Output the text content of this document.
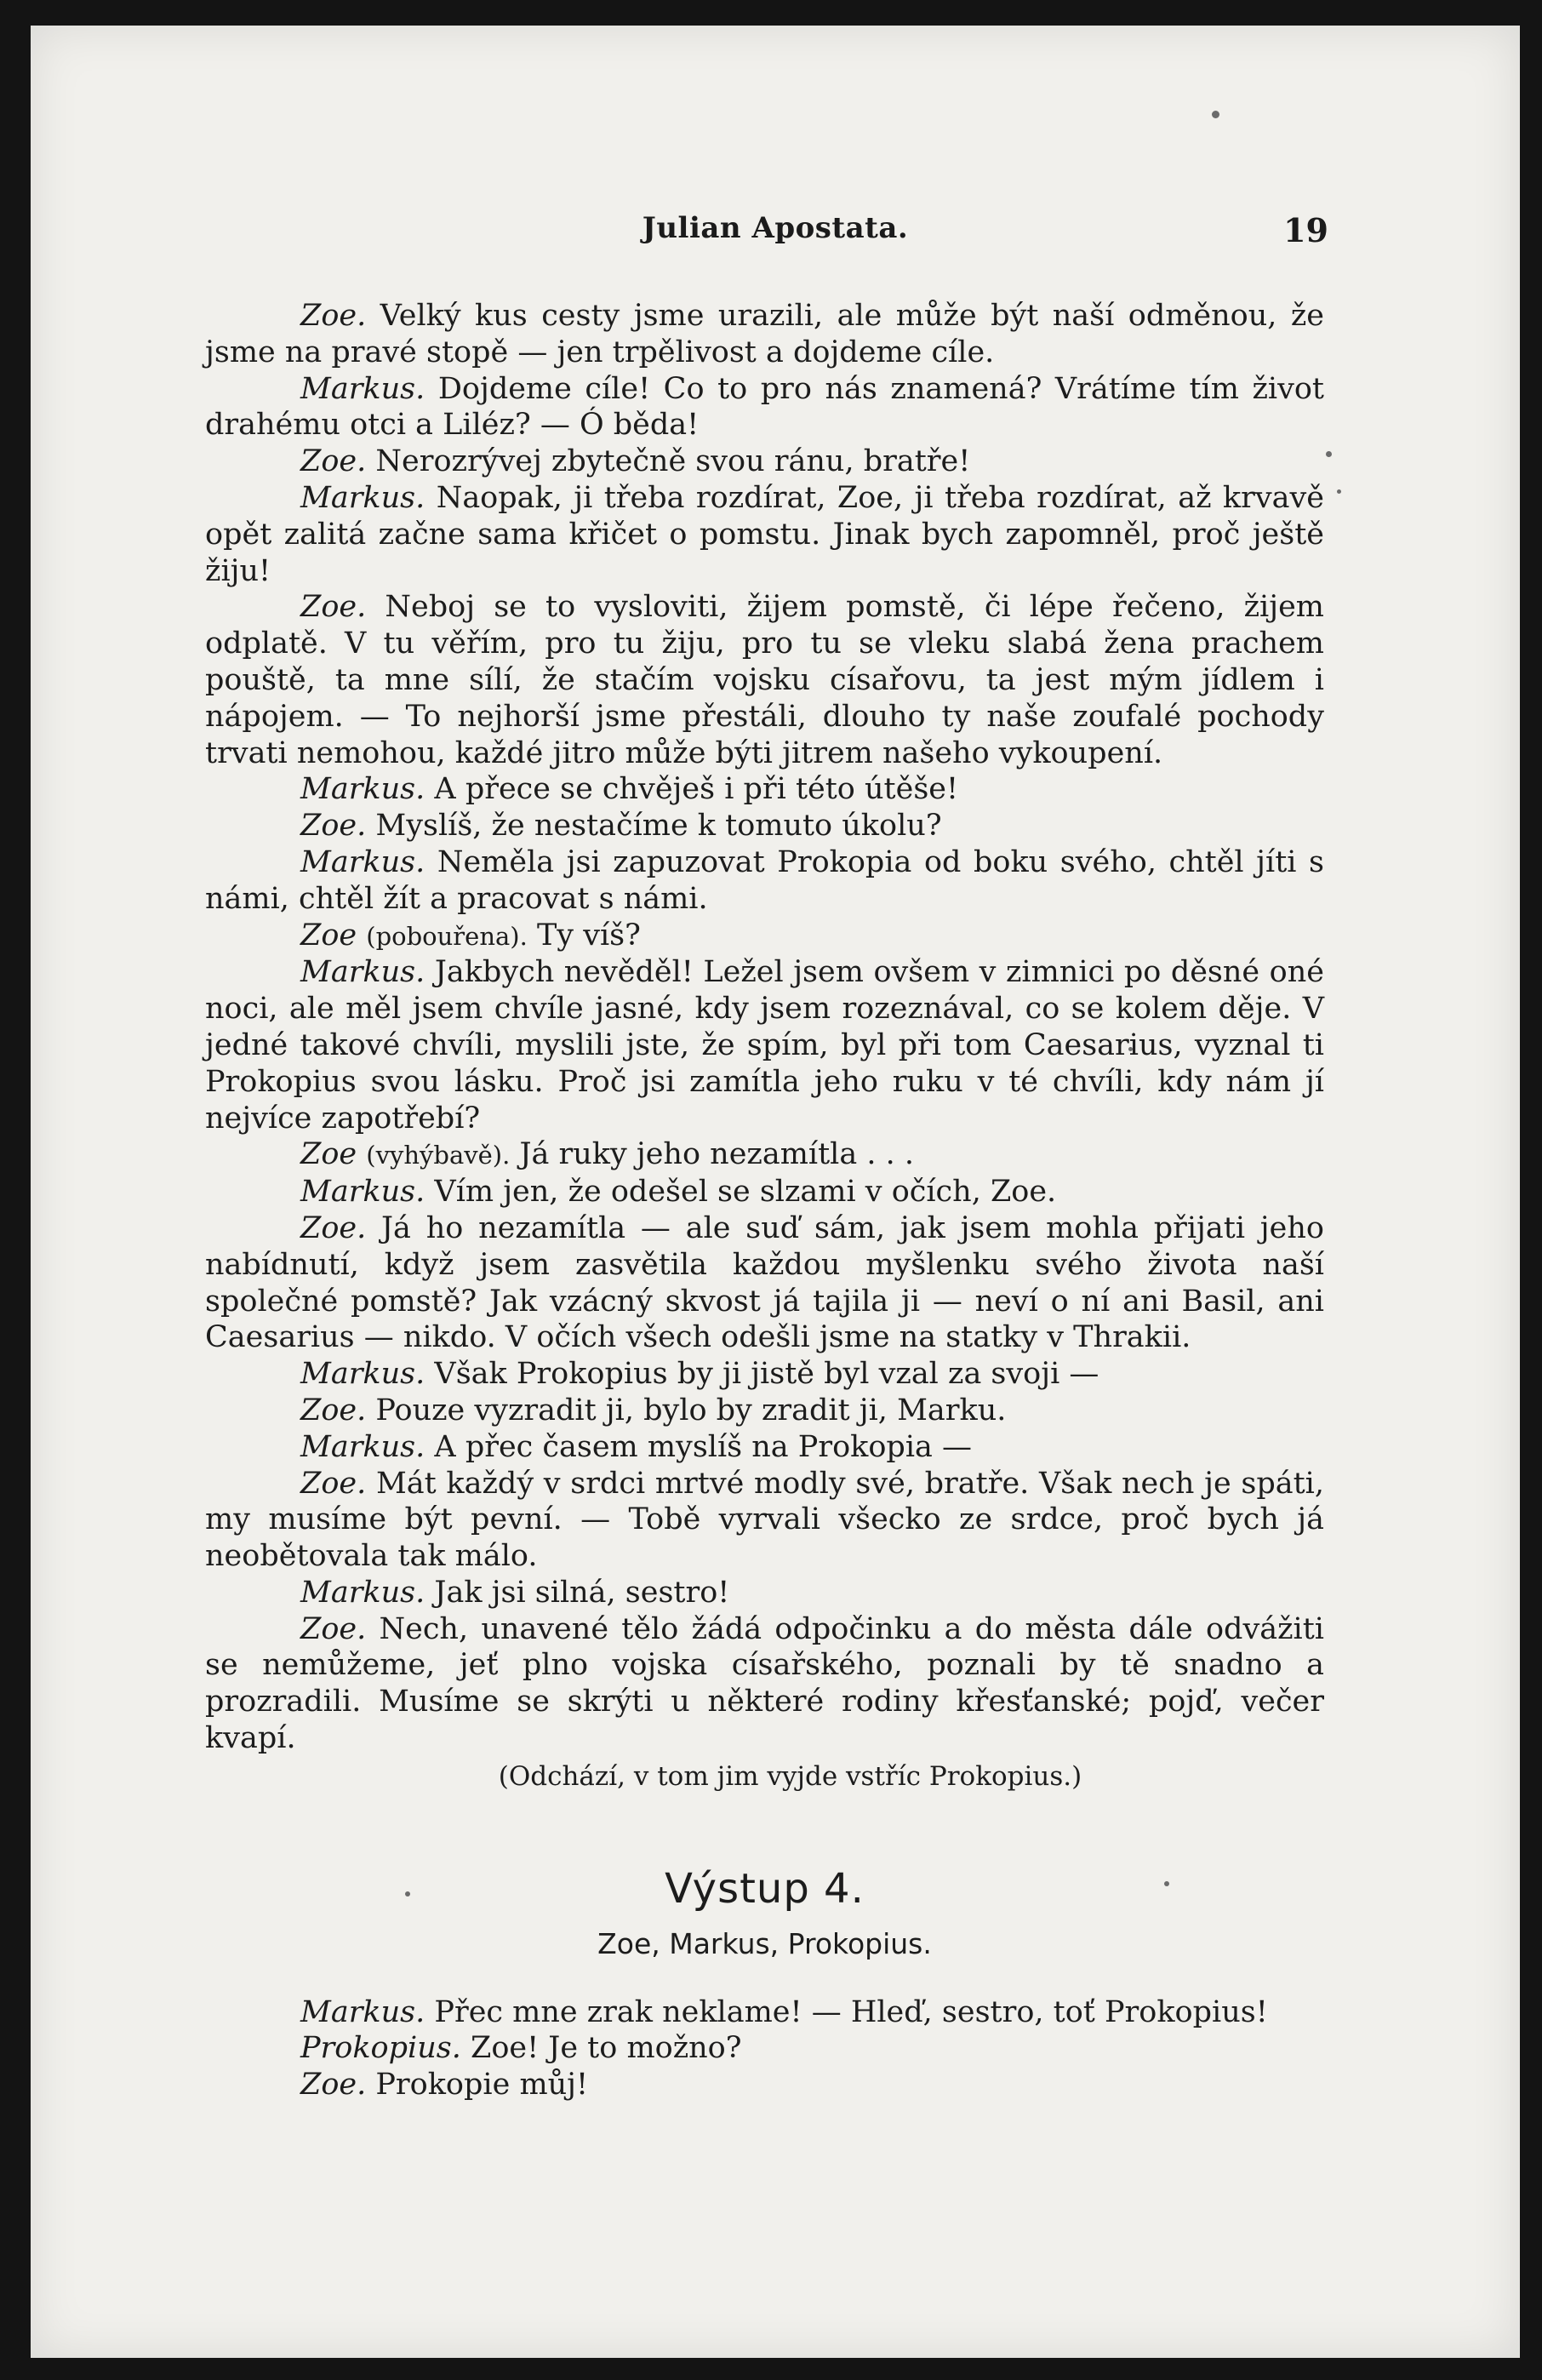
Julian Apostata.	19

Zoe. Velký kus cesty jsme urazili, ale může být naší odměnou, že jsme na pravé stopě — jen trpělivost a dojdeme cíle.

Markus. Dojdeme cíle! Co to pro nás znamená? Vrátíme tím život drahému otci a Liléz? — Ó běda!

Zoe. Nerozrývej zbytečně svou ránu, bratře!

Markus. Naopak, ji třeba rozdírat, Zoe, ji třeba rozdírat, až krvavě opět zalitá začne sama křičet o pomstu. Jinak bych zapomněl, proč ještě žiju!

Zoe. Neboj se to vysloviti, žijem pomstě, či lépe řečeno, žijem odplatě. V tu věřím, pro tu žiju, pro tu se vleku slabá žena prachem pouště, ta mne sílí, že stačím vojsku císařovu, ta jest mým jídlem i nápojem. — To nejhorší jsme přestáli, dlouho ty naše zoufalé pochody trvati nemohou, každé jitro může býti jitrem našeho vykoupení.

Markus. A přece se chvěješ i při této útěše!

Zoe. Myslíš, že nestačíme k tomuto úkolu?

Markus. Neměla jsi zapuzovat Prokopia od boku svého, chtěl jíti s námi, chtěl žít a pracovat s námi.

Zoe (pobouřena). Ty víš?

Markus. Jakbych nevěděl! Ležel jsem ovšem v zimnici po děsné oné noci, ale měl jsem chvíle jasné, kdy jsem rozeznával, co se kolem děje. V jedné takové chvíli, myslili jste, že spím, byl při tom Caesarius, vyznal ti Prokopius svou lásku. Proč jsi zamítla jeho ruku v té chvíli, kdy nám jí nejvíce zapotřebí?

Zoe (vyhýbavě). Já ruky jeho nezamítla . . .

Markus. Vím jen, že odešel se slzami v očích, Zoe.

Zoe. Já ho nezamítla — ale suď sám, jak jsem mohla přijati jeho nabídnutí, když jsem zasvětila každou myšlenku svého života naší společné pomstě? Jak vzácný skvost já tajila ji — neví o ní ani Basil, ani Caesarius — nikdo. V očích všech odešli jsme na statky v Thrakii.

Markus. Však Prokopius by ji jistě byl vzal za svoji —

Zoe. Pouze vyzradit ji, bylo by zradit ji, Marku.

Markus. A přec časem myslíš na Prokopia —

Zoe. Mát každý v srdci mrtvé modly své, bratře. Však nech je spáti, my musíme být pevní. — Tobě vyrvali všecko ze srdce, proč bych já neobětovala tak málo.

Markus. Jak jsi silná, sestro!

Zoe. Nech, unavené tělo žádá odpočinku a do města dále odvážiti se nemůžeme, jeť plno vojska císařského, poznali by tě snadno a prozradili. Musíme se skrýti u některé rodiny křesťanské; pojď, večer kvapí.

(Odchází, v tom jim vyjde vstříc Prokopius.)

Výstup 4.
Zoe, Markus, Prokopius.

Markus. Přec mne zrak neklame! — Hleď, sestro, toť Prokopius!

Prokopius. Zoe! Je to možno?

Zoe. Prokopie můj!
